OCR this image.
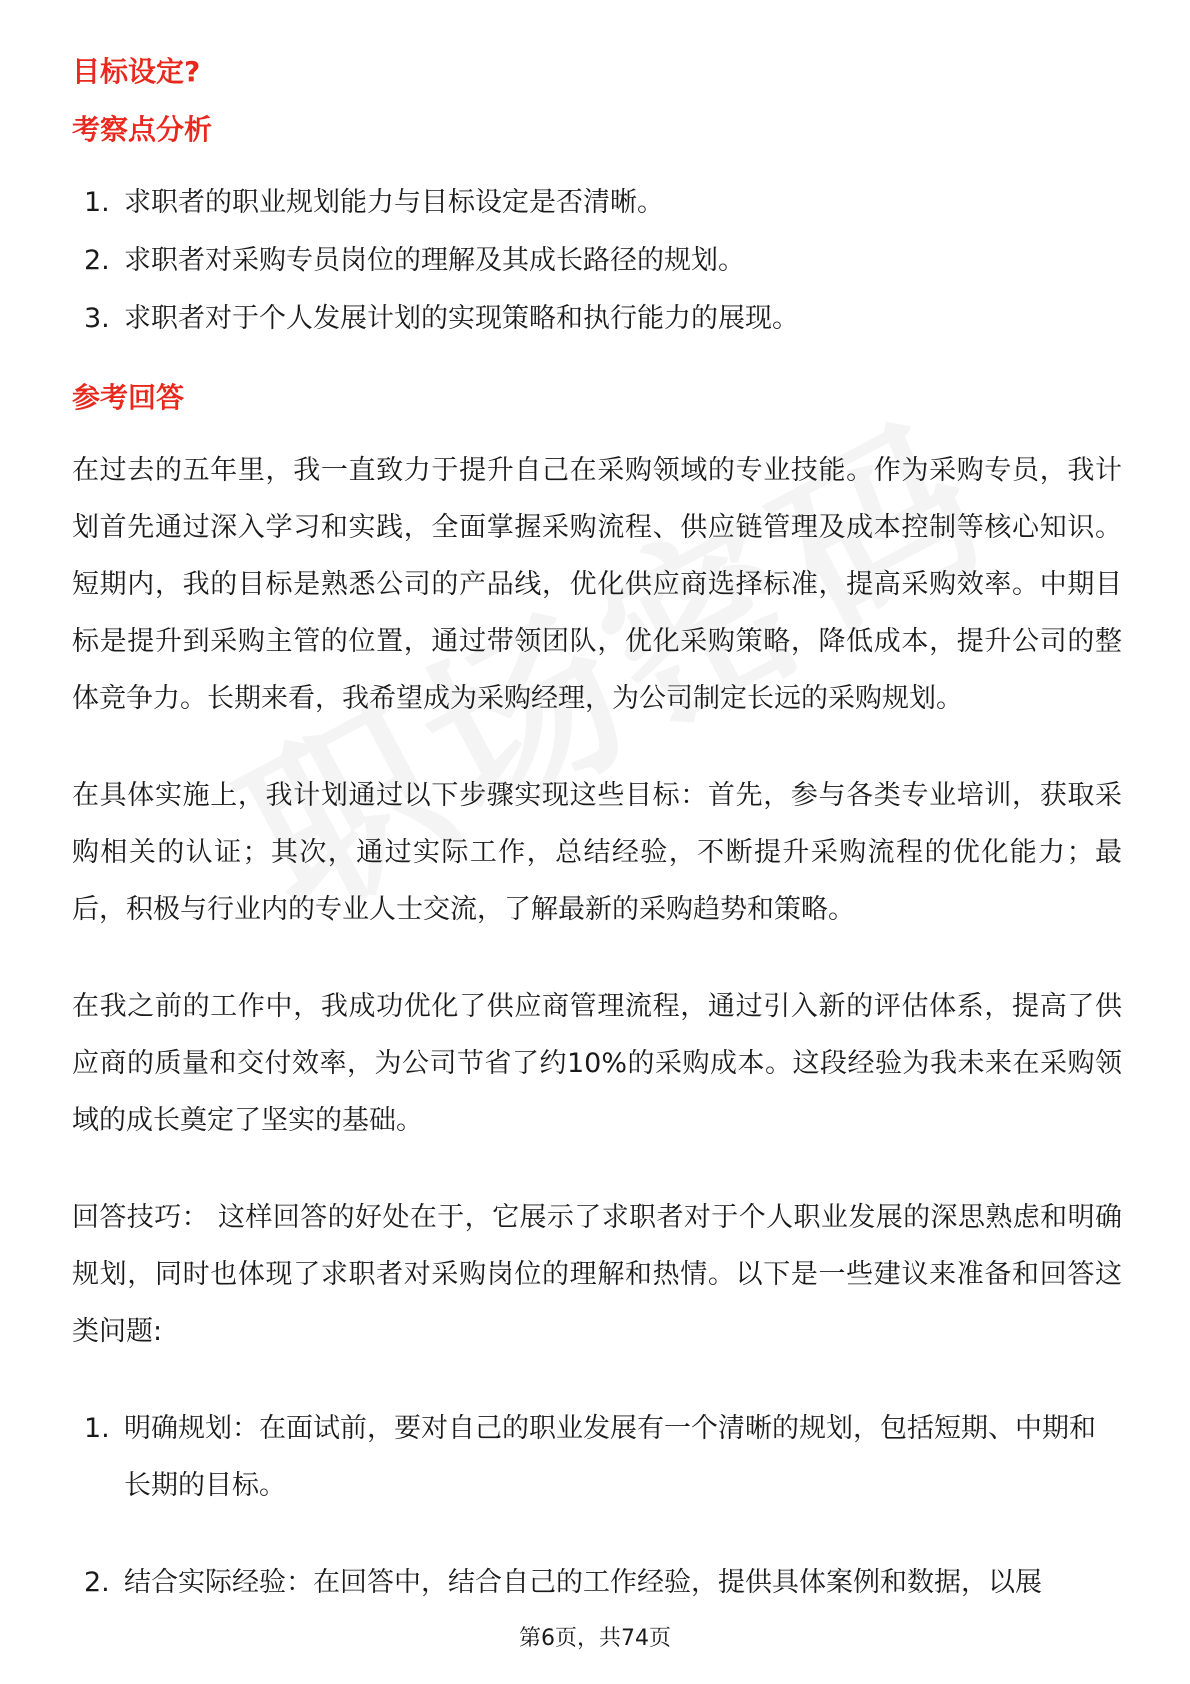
目标设定?
考察点分析
1. 求职者的职业规划能力与目标设定是否清晰。
2. 求职者对采购专员岗位的理解及其成长路径的规划。
3. 求职者对于个人发展计划的实现策略和执行能力的展现。
参考回答

在过去的五年里，我一直致力于提升自己在采购领域的专业技能。作为采购专员，我计划首先通过深入学习和实践，全面掌握采购流程、供应链管理及成本控制等核心知识。短期内，我的目标是熟悉公司的产品线，优化供应商选择标准，提高采购效率。中期目标是提升到采购主管的位置，通过带领团队，优化采购策略，降低成本，提升公司的整体竞争力。长期来看，我希望成为采购经理，为公司制定长远的采购规划。

在具体实施上，我计划通过以下步骤实现这些目标：首先，参与各类专业培训，获取采购相关的认证；其次，通过实际工作，总结经验，不断提升采购流程的优化能力；最后，积极与行业内的专业人士交流，了解最新的采购趋势和策略。

在我之前的工作中，我成功优化了供应商管理流程，通过引入新的评估体系，提高了供应商的质量和交付效率，为公司节省了约10%的采购成本。这段经验为我未来在采购领域的成长奠定了坚实的基础。

回答技巧： 这样回答的好处在于，它展示了求职者对于个人职业发展的深思熟虑和明确规划，同时也体现了求职者对采购岗位的理解和热情。以下是一些建议来准备和回答这类问题:

1. 明确规划：在面试前，要对自己的职业发展有一个清晰的规划，包括短期、中期和长期的目标。
2. 结合实际经验：在回答中，结合自己的工作经验，提供具体案例和数据，以展
第6页，共74页
